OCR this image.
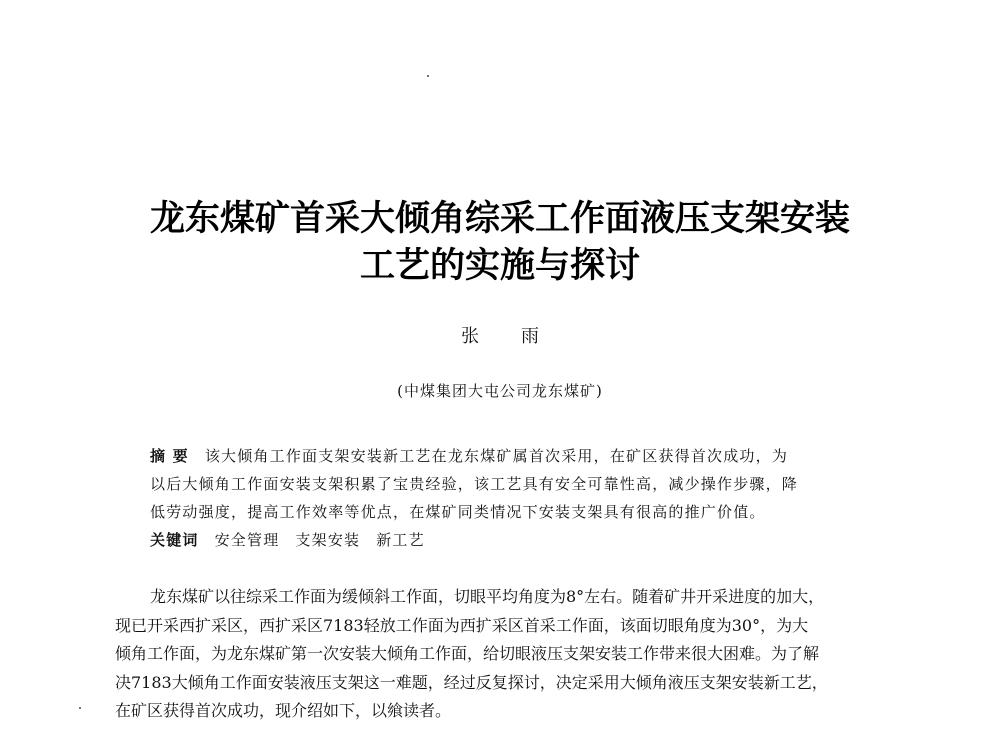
龙东煤矿首采大倾角综采工作面液压支架安装
工艺的实施与探讨
张雨
(中煤集团大屯公司龙东煤矿)
摘 要 该大倾角工作面支架安装新工艺在龙东煤矿属首次采用，在矿区获得首次成功，为
以后大倾角工作面安装支架积累了宝贵经验，该工艺具有安全可靠性高，减少操作步骤，降
低劳动强度，提高工作效率等优点，在煤矿同类情况下安装支架具有很高的推广价值。
关键词 安全管理 支架安装 新工艺
龙东煤矿以往综采工作面为缓倾斜工作面，切眼平均角度为8°左右。随着矿井开采进度的加大，
现已开采西扩采区，西扩采区7183轻放工作面为西扩采区首采工作面，该面切眼角度为30°，为大
倾角工作面，为龙东煤矿第一次安装大倾角工作面，给切眼液压支架安装工作带来很大困难。为了解
决7183大倾角工作面安装液压支架这一难题，经过反复探讨，决定采用大倾角液压支架安装新工艺，
在矿区获得首次成功，现介绍如下，以飨读者。
